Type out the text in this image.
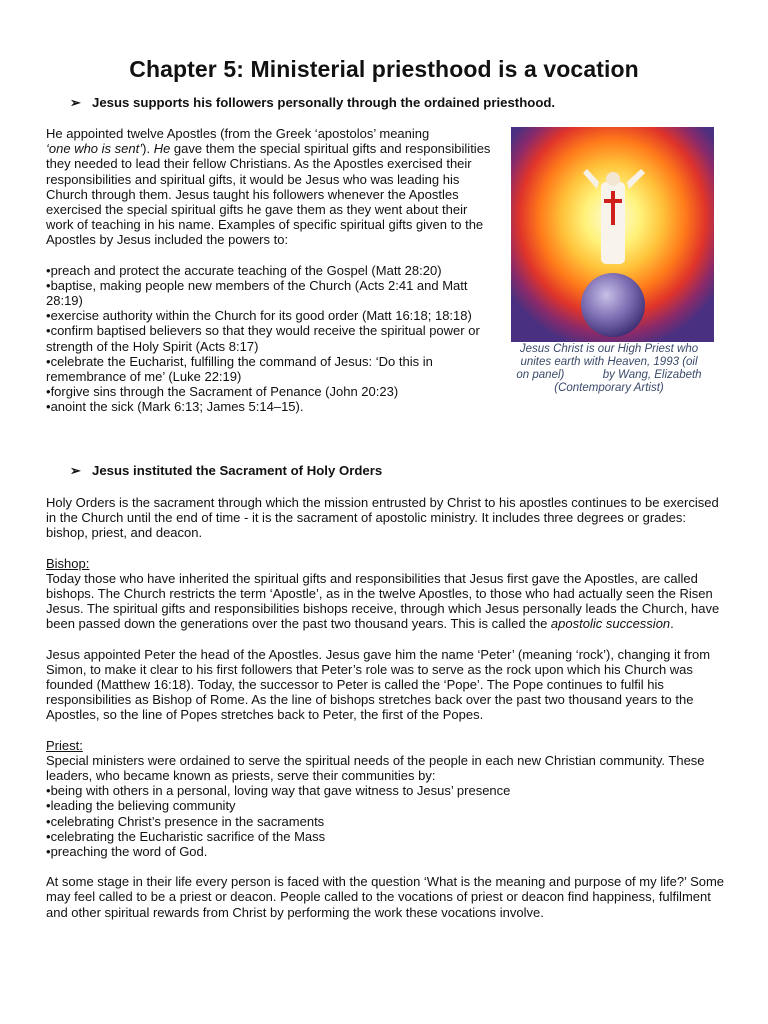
Chapter 5: Ministerial priesthood is a vocation

➢ Jesus supports his followers personally through the ordained priesthood.

He appointed twelve Apostles (from the Greek ‘apostolos’ meaning
‘one who is sent’). He gave them the special spiritual gifts and responsibilities they needed to lead their fellow Christians. As the Apostles exercised their responsibilities and spiritual gifts, it would be Jesus who was leading his Church through them. Jesus taught his followers whenever the Apostles exercised the special spiritual gifts he gave them as they went about their work of teaching in his name. Examples of specific spiritual gifts given to the Apostles by Jesus included the powers to:

• preach and protect the accurate teaching of the Gospel (Matt 28:20)
• baptise, making people new members of the Church (Acts 2:41 and Matt 28:19)
• exercise authority within the Church for its good order (Matt 16:18; 18:18)
• confirm baptised believers so that they would receive the spiritual power or strength of the Holy Spirit (Acts 8:17)
• celebrate the Eucharist, fulfilling the command of Jesus: ‘Do this in remembrance of me’ (Luke 22:19)
• forgive sins through the Sacrament of Penance (John 20:23)
• anoint the sick (Mark 6:13; James 5:14–15).
Jesus Christ is our High Priest who
unites earth with Heaven, 1993 (oil
on panel)            by Wang, Elizabeth
(Contemporary Artist)

➢ Jesus instituted the Sacrament of Holy Orders

Holy Orders is the sacrament through which the mission entrusted by Christ to his apostles continues to be exercised in the Church until the end of time - it is the sacrament of apostolic ministry. It includes three degrees or grades: bishop, priest, and deacon.

Bishop:

Today those who have inherited the spiritual gifts and responsibilities that Jesus first gave the Apostles, are called bishops. The Church restricts the term ‘Apostle’, as in the twelve Apostles, to those who had actually seen the Risen Jesus. The spiritual gifts and responsibilities bishops receive, through which Jesus personally leads the Church, have been passed down the generations over the past two thousand years. This is called the apostolic succession.

Jesus appointed Peter the head of the Apostles. Jesus gave him the name ‘Peter’ (meaning ‘rock’), changing it from Simon, to make it clear to his first followers that Peter’s role was to serve as the rock upon which his Church was founded (Matthew 16:18). Today, the successor to Peter is called the ‘Pope’. The Pope continues to fulfil his responsibilities as Bishop of Rome. As the line of bishops stretches back over the past two thousand years to the Apostles, so the line of Popes stretches back to Peter, the first of the Popes.

Priest:
Special ministers were ordained to serve the spiritual needs of the people in each new Christian community. These leaders, who became known as priests, serve their communities by:
• being with others in a personal, loving way that gave witness to Jesus’ presence
• leading the believing community
• celebrating Christ’s presence in the sacraments
• celebrating the Eucharistic sacrifice of the Mass
• preaching the word of God.

At some stage in their life every person is faced with the question ‘What is the meaning and purpose of my life?’ Some may feel called to be a priest or deacon. People called to the vocations of priest or deacon find happiness, fulfilment and other spiritual rewards from Christ by performing the work these vocations involve.
